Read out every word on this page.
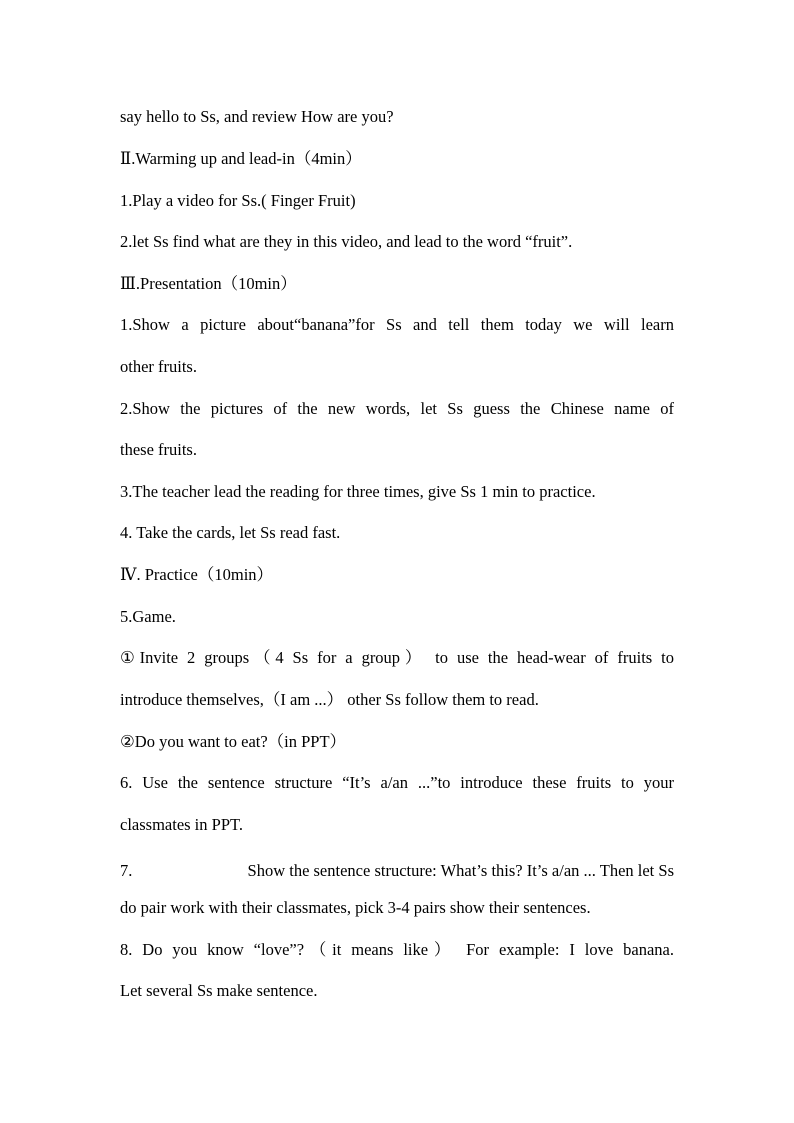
say hello to Ss, and review How are you?
Ⅱ.Warming up and lead-in（4min）
1.Play a video for Ss.( Finger Fruit)
2.let Ss find what are they in this video, and lead to the word “fruit”.
Ⅲ.Presentation（10min）
1.Show a picture about“banana”for Ss and tell them today we will learn
other fruits.
2.Show the pictures of the new words, let Ss guess the Chinese name of
these fruits.
3.The teacher lead the reading for three times, give Ss 1 min to practice.
4. Take the cards, let Ss read fast.
Ⅳ. Practice（10min）
5.Game.
①Invite 2 groups（4 Ss for a group） to use the head-wear of fruits to
introduce themselves,（I am ...） other Ss follow them to read.
②Do you want to eat?（in PPT）
6. Use the sentence structure “It’s a/an ...”to introduce these fruits to your
classmates in PPT.
7.	Show the sentence structure: What’s this? It’s a/an ... Then let Ss
do pair work with their classmates, pick 3-4 pairs show their sentences.
8. Do you know “love”?（it means like） For example: I love banana.
Let several Ss make sentence.
